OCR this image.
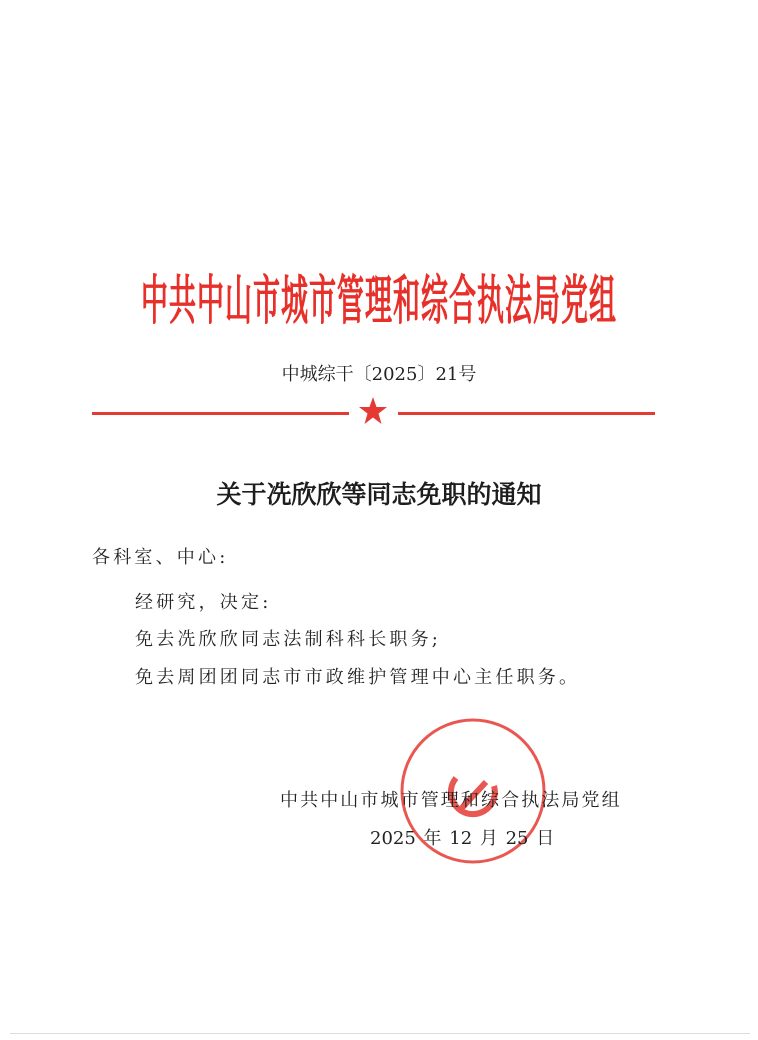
中共中山市城市管理和综合执法局党组
中城综干〔2025〕21号
关于冼欣欣等同志免职的通知
各科室、中心:
经研究，决定:
免去冼欣欣同志法制科科长职务;
免去周团团同志市市政维护管理中心主任职务。
中共中山市城市管理和综合执法局党组
2025 年 12 月 25 日
